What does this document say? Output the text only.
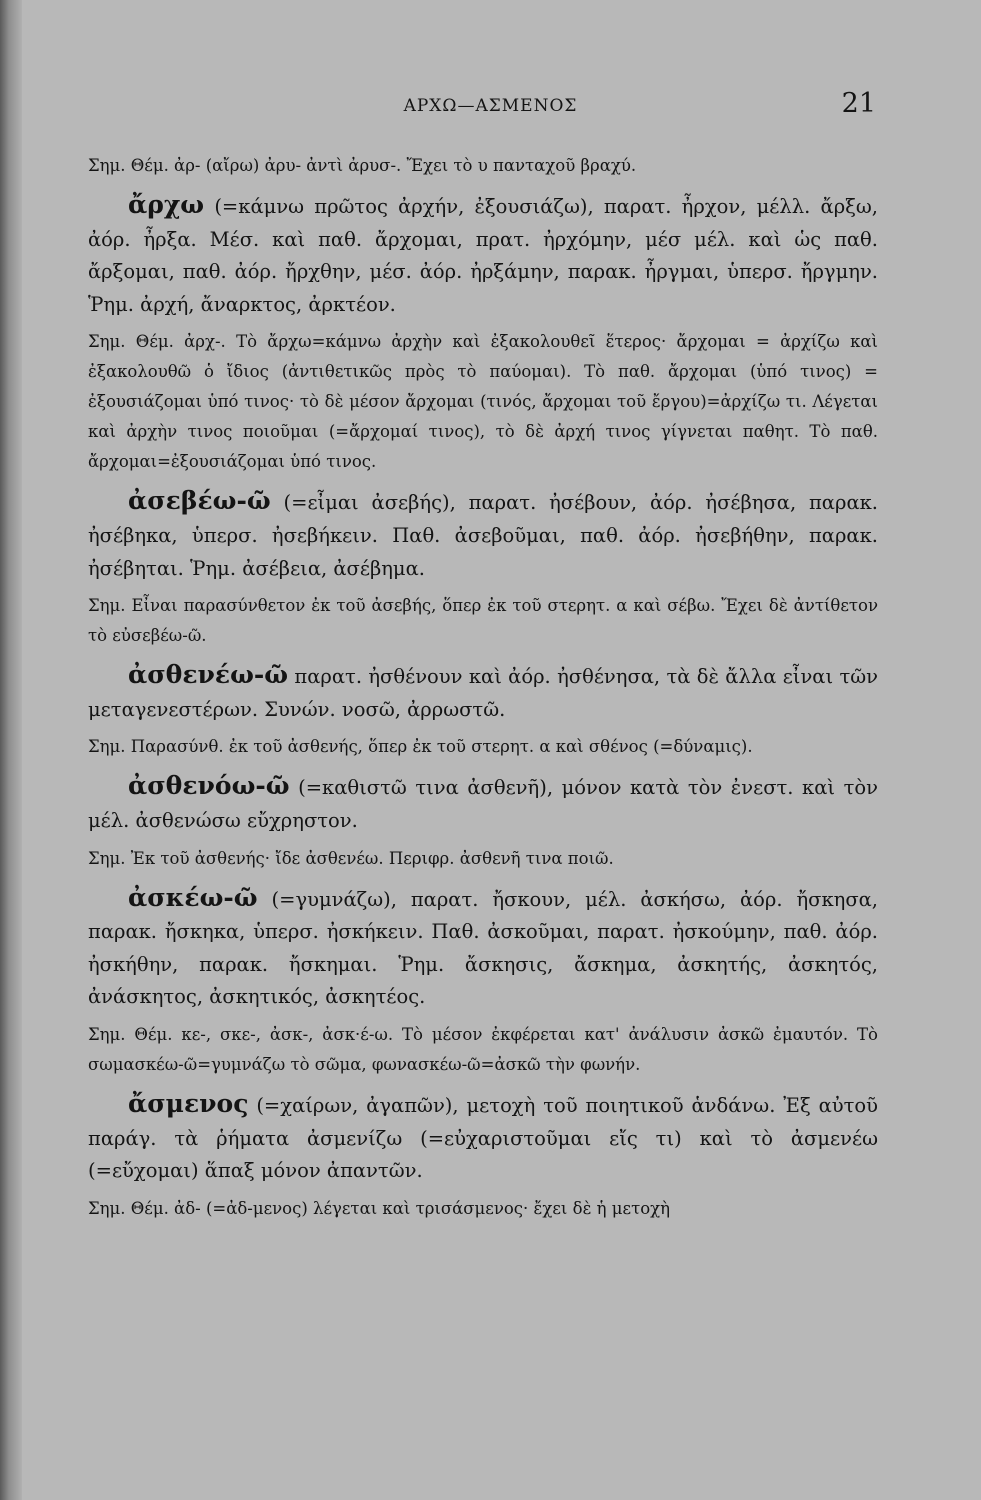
ΑΡΧΩ—ΑΣΜΕΝΟΣ	21

Σημ. Θέμ. ἀρ- (αἴρω) ἀρυ- ἀντὶ ἀρυσ-. Ἔχει τὸ υ πανταχοῦ βραχύ.

ἄρχω (=κάμνω πρῶτος ἀρχήν, ἐξουσιάζω), παρατ. ἦρχον, μέλλ. ἄρξω, ἀόρ. ἦρξα. Μέσ. καὶ παθ. ἄρχομαι, πρατ. ἠρχόμην, μέσ μέλ. καὶ ὡς παθ. ἄρξομαι, παθ. ἀόρ. ἤρχθην, μέσ. ἀόρ. ἠρξάμην, παρακ. ἦργμαι, ὑπερσ. ἤργμην. Ῥημ. ἀρχή, ἄναρκτος, ἀρκτέον.

Σημ. Θέμ. ἀρχ-. Τὸ ἄρχω=κάμνω ἀρχὴν καὶ ἐξακολουθεῖ ἕτερος· ἄρχομαι = ἀρχίζω καὶ ἐξακολουθῶ ὁ ἴδιος (ἀντιθετικῶς πρὸς τὸ παύομαι). Τὸ παθ. ἄρχομαι (ὑπό τινος) = ἐξουσιάζομαι ὑπό τινος· τὸ δὲ μέσον ἄρχομαι (τινός, ἄρχομαι τοῦ ἔργου)=ἀρχίζω τι. Λέγεται καὶ ἀρχὴν τινος ποιοῦμαι (=ἄρχομαί τινος), τὸ δὲ ἀρχή τινος γίγνεται παθητ. Τὸ παθ. ἄρχομαι=ἐξουσιάζομαι ὑπό τινος.

ἀσεβέω-ῶ (=εἶμαι ἀσεβής), παρατ. ἠσέβουν, ἀόρ. ἠσέβησα, παρακ. ἠσέβηκα, ὑπερσ. ἠσεβήκειν. Παθ. ἀσεβοῦμαι, παθ. ἀόρ. ἠσεβήθην, παρακ. ἠσέβηται. Ῥημ. ἀσέβεια, ἀσέβημα.

Σημ. Εἶναι παρασύνθετον ἐκ τοῦ ἀσεβής, ὅπερ ἐκ τοῦ στερητ. α καὶ σέβω. Ἔχει δὲ ἀντίθετον τὸ εὐσεβέω-ῶ.

ἀσθενέω-ῶ παρατ. ἠσθένουν καὶ ἀόρ. ἠσθένησα, τὰ δὲ ἄλλα εἶναι τῶν μεταγενεστέρων. Συνών. νοσῶ, ἀρρωστῶ.

Σημ. Παρασύνθ. ἐκ τοῦ ἀσθενής, ὅπερ ἐκ τοῦ στερητ. α καὶ σθένος (=δύναμις).

ἀσθενόω-ῶ (=καθιστῶ τινα ἀσθενῆ), μόνον κατὰ τὸν ἐνεστ. καὶ τὸν μέλ. ἀσθενώσω εὔχρηστον.

Σημ. Ἐκ τοῦ ἀσθενής· ἴδε ἀσθενέω. Περιφρ. ἀσθενῆ τινα ποιῶ.

ἀσκέω-ῶ (=γυμνάζω), παρατ. ἤσκουν, μέλ. ἀσκήσω, ἀόρ. ἤσκησα, παρακ. ἤσκηκα, ὑπερσ. ἠσκήκειν. Παθ. ἀσκοῦμαι, παρατ. ἠσκούμην, παθ. ἀόρ. ἠσκήθην, παρακ. ἤσκημαι. Ῥημ. ἄσκησις, ἄσκημα, ἀσκητής, ἀσκητός, ἀνάσκητος, ἀσκητικός, ἀσκητέος.

Σημ. Θέμ. κε-, σκε-, ἀσκ-, ἀσκ·έ-ω. Τὸ μέσον ἐκφέρεται κατ' ἀνάλυσιν ἀσκῶ ἐμαυτόν. Τὸ σωμασκέω-ῶ=γυμνάζω τὸ σῶμα, φωνασκέω-ῶ=ἀσκῶ τὴν φωνήν.

ἄσμενος (=χαίρων, ἀγαπῶν), μετοχὴ τοῦ ποιητικοῦ ἁνδάνω. Ἐξ αὐτοῦ παράγ. τὰ ῥήματα ἀσμενίζω (=εὐχαριστοῦμαι εἴς τι) καὶ τὸ ἀσμενέω (=εὔχομαι) ἅπαξ μόνον ἀπαντῶν.

Σημ. Θέμ. ἀδ- (=ἀδ-μενος) λέγεται καὶ τρισάσμενος· ἔχει δὲ ἡ μετοχὴ
